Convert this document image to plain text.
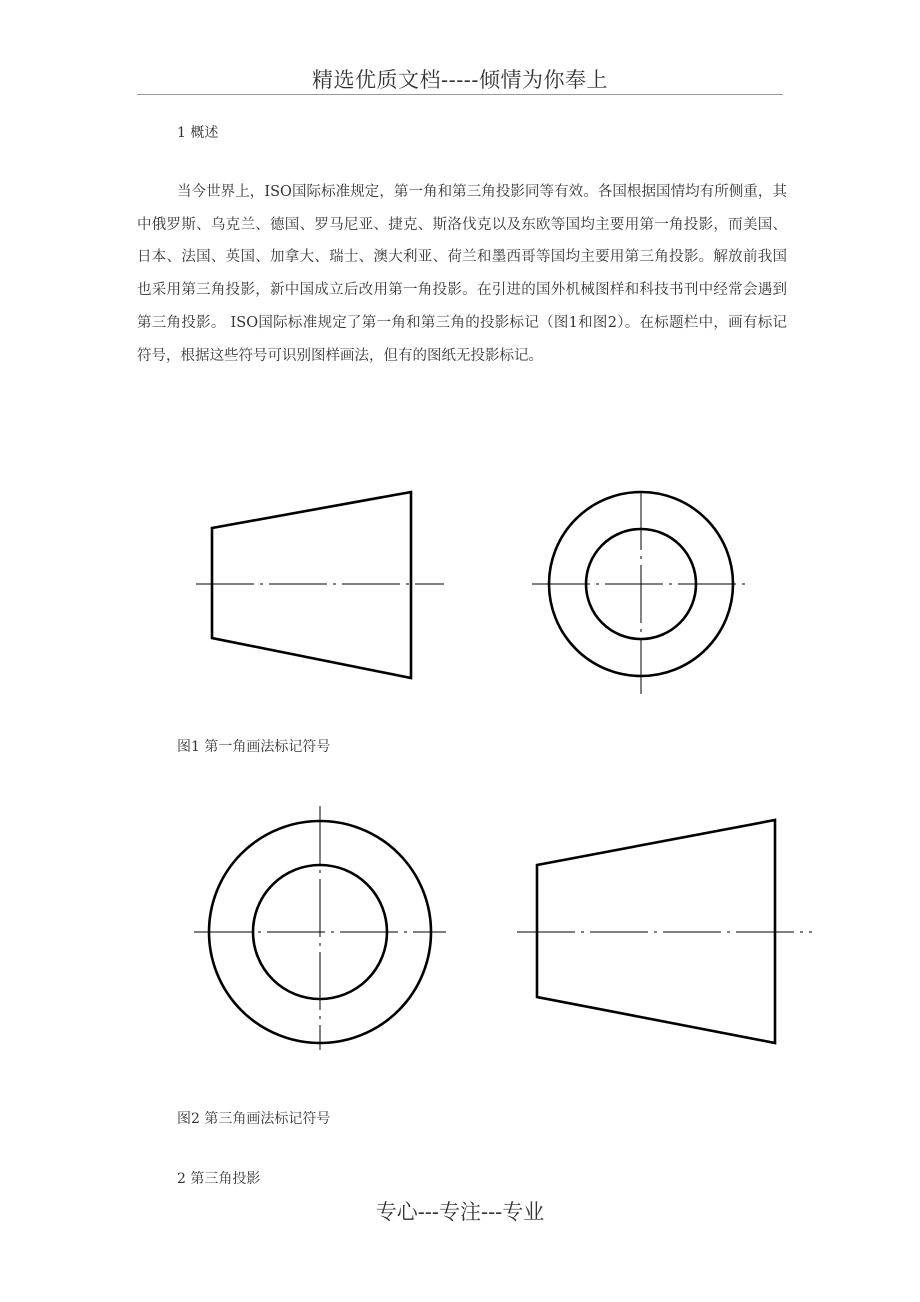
精选优质文档-----倾情为你奉上
1 概述

当今世界上，ISO国际标准规定，第一角和第三角投影同等有效。各国根据国情均有所侧重，其中俄罗斯、乌克兰、德国、罗马尼亚、捷克、斯洛伐克以及东欧等国均主要用第一角投影，而美国、日本、法国、英国、加拿大、瑞士、澳大利亚、荷兰和墨西哥等国均主要用第三角投影。解放前我国也采用第三角投影，新中国成立后改用第一角投影。在引进的国外机械图样和科技书刊中经常会遇到第三角投影。 ISO国际标准规定了第一角和第三角的投影标记（图1和图2）。在标题栏中，画有标记符号，根据这些符号可识别图样画法，但有的图纸无投影标记。

图1 第一角画法标记符号
图2 第三角画法标记符号
2 第三角投影
专心---专注---专业
